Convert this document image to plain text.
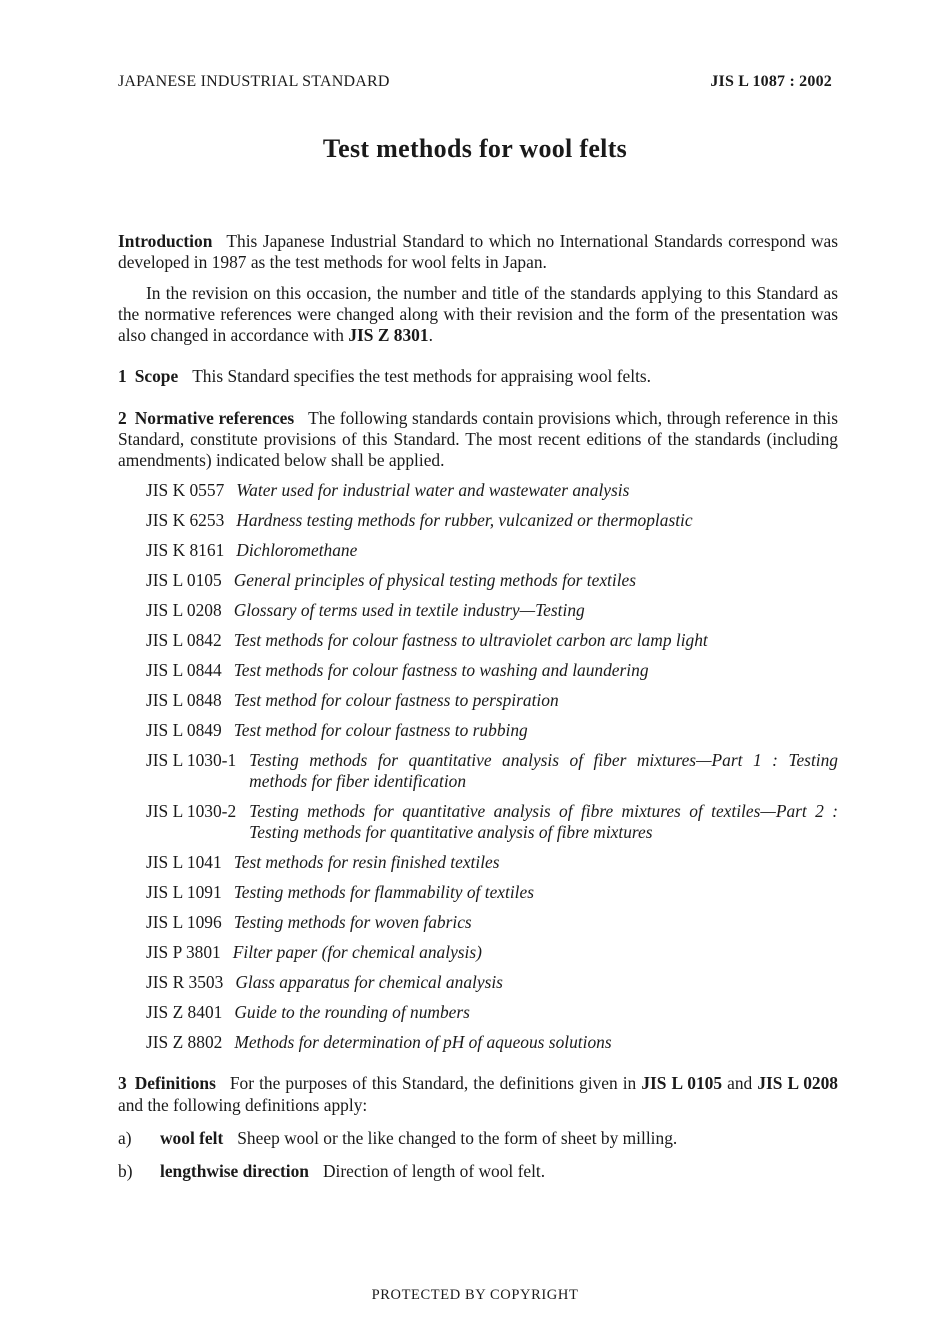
JAPANESE INDUSTRIAL STANDARD	JIS L 1087 : 2002
Test methods for wool felts

Introduction This Japanese Industrial Standard to which no International Standards correspond was developed in 1987 as the test methods for wool felts in Japan.

In the revision on this occasion, the number and title of the standards applying to this Standard as the normative references were changed along with their revision and the form of the presentation was also changed in accordance with JIS Z 8301.

1 Scope This Standard specifies the test methods for appraising wool felts.

2 Normative references The following standards contain provisions which, through reference in this Standard, constitute provisions of this Standard. The most recent editions of the standards (including amendments) indicated below shall be applied.

JIS K 0557 Water used for industrial water and wastewater analysis
JIS K 6253 Hardness testing methods for rubber, vulcanized or thermoplastic
JIS K 8161 Dichloromethane
JIS L 0105 General principles of physical testing methods for textiles
JIS L 0208 Glossary of terms used in textile industry—Testing
JIS L 0842 Test methods for colour fastness to ultraviolet carbon arc lamp light
JIS L 0844 Test methods for colour fastness to washing and laundering
JIS L 0848 Test method for colour fastness to perspiration
JIS L 0849 Test method for colour fastness to rubbing
JIS L 1030-1 Testing methods for quantitative analysis of fiber mixtures—Part 1 : Testing methods for fiber identification
JIS L 1030-2 Testing methods for quantitative analysis of fibre mixtures of textiles—Part 2 : Testing methods for quantitative analysis of fibre mixtures
JIS L 1041 Test methods for resin finished textiles
JIS L 1091 Testing methods for flammability of textiles
JIS L 1096 Testing methods for woven fabrics
JIS P 3801 Filter paper (for chemical analysis)
JIS R 3503 Glass apparatus for chemical analysis
JIS Z 8401 Guide to the rounding of numbers
JIS Z 8802 Methods for determination of pH of aqueous solutions

3 Definitions For the purposes of this Standard, the definitions given in JIS L 0105 and JIS L 0208 and the following definitions apply:

a)	wool felt Sheep wool or the like changed to the form of sheet by milling.
b)	lengthwise direction Direction of length of wool felt.
PROTECTED BY COPYRIGHT
